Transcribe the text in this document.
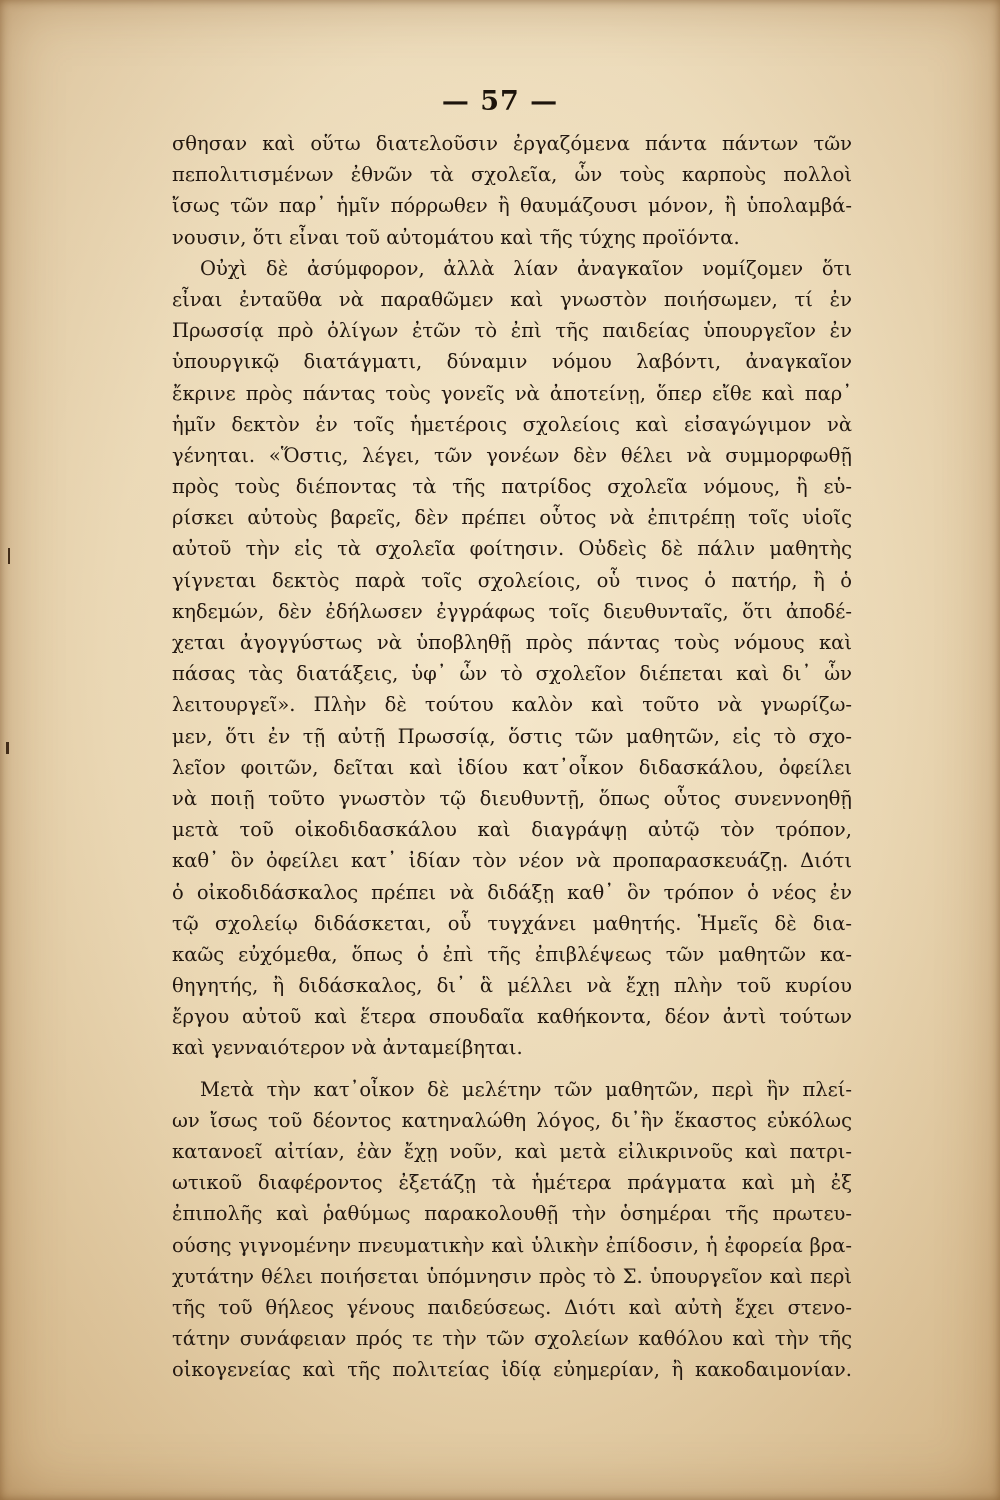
— 57 —
σθησαν καὶ οὕτω διατελοῦσιν ἐργαζόμενα πάντα πάντων τῶν
πεπολιτισμένων ἐθνῶν τὰ σχολεῖα, ὧν τοὺς καρποὺς πολλοὶ
ἴσως τῶν παρ᾽ ἡμῖν πόρρωθεν ἢ θαυμάζουσι μόνον, ἢ ὑπολαμβά-
νουσιν, ὅτι εἶναι τοῦ αὐτομάτου καὶ τῆς τύχης προϊόντα.
Οὐχὶ δὲ ἀσύμφορον, ἀλλὰ λίαν ἀναγκαῖον νομίζομεν ὅτι
εἶναι ἐνταῦθα νὰ παραθῶμεν καὶ γνωστὸν ποιήσωμεν, τί ἐν
Πρωσσίᾳ πρὸ ὀλίγων ἐτῶν τὸ ἐπὶ τῆς παιδείας ὑπουργεῖον ἐν
ὑπουργικῷ διατάγματι, δύναμιν νόμου λαβόντι, ἀναγκαῖον
ἔκρινε πρὸς πάντας τοὺς γονεῖς νὰ ἀποτείνῃ, ὅπερ εἴθε καὶ παρ᾽
ἡμῖν δεκτὸν ἐν τοῖς ἡμετέροις σχολείοις καὶ εἰσαγώγιμον νὰ
γένηται. «Ὅστις, λέγει, τῶν γονέων δὲν θέλει νὰ συμμορφωθῇ
πρὸς τοὺς διέποντας τὰ τῆς πατρίδος σχολεῖα νόμους, ἢ εὑ-
ρίσκει αὐτοὺς βαρεῖς, δὲν πρέπει οὗτος νὰ ἐπιτρέπῃ τοῖς υἱοῖς
αὐτοῦ τὴν εἰς τὰ σχολεῖα φοίτησιν. Οὐδεὶς δὲ πάλιν μαθητὴς
γίγνεται δεκτὸς παρὰ τοῖς σχολείοις, οὗ τινος ὁ πατήρ, ἢ ὁ
κηδεμών, δὲν ἐδήλωσεν ἐγγράφως τοῖς διευθυνταῖς, ὅτι ἀποδέ-
χεται ἀγογγύστως νὰ ὑποβληθῇ πρὸς πάντας τοὺς νόμους καὶ
πάσας τὰς διατάξεις, ὑφ᾽ ὧν τὸ σχολεῖον διέπεται καὶ δι᾽ ὧν
λειτουργεῖ». Πλὴν δὲ τούτου καλὸν καὶ τοῦτο νὰ γνωρίζω-
μεν, ὅτι ἐν τῇ αὐτῇ Πρωσσίᾳ, ὅστις τῶν μαθητῶν, εἰς τὸ σχο-
λεῖον φοιτῶν, δεῖται καὶ ἰδίου κατ᾽οἶκον διδασκάλου, ὀφείλει
νὰ ποιῇ τοῦτο γνωστὸν τῷ διευθυντῇ, ὅπως οὗτος συνεννοηθῇ
μετὰ τοῦ οἰκοδιδασκάλου καὶ διαγράψῃ αὐτῷ τὸν τρόπον,
καθ᾽ ὃν ὀφείλει κατ᾽ ἰδίαν τὸν νέον νὰ προπαρασκευάζῃ. Διότι
ὁ οἰκοδιδάσκαλος πρέπει νὰ διδάξῃ καθ᾽ ὃν τρόπον ὁ νέος ἐν
τῷ σχολείῳ διδάσκεται, οὗ τυγχάνει μαθητής. Ἡμεῖς δὲ δια-
καῶς εὐχόμεθα, ὅπως ὁ ἐπὶ τῆς ἐπιβλέψεως τῶν μαθητῶν κα-
θηγητής, ἢ διδάσκαλος, δι᾽ ἃ μέλλει νὰ ἔχῃ πλὴν τοῦ κυρίου
ἔργου αὐτοῦ καὶ ἕτερα σπουδαῖα καθήκοντα, δέον ἀντὶ τούτων
καὶ γενναιότερον νὰ ἀνταμείβηται.
Μετὰ τὴν κατ᾽οἶκον δὲ μελέτην τῶν μαθητῶν, περὶ ἣν πλεί-
ων ἴσως τοῦ δέοντος κατηναλώθη λόγος, δι᾽ἣν ἕκαστος εὐκόλως
κατανοεῖ αἰτίαν, ἐὰν ἔχῃ νοῦν, καὶ μετὰ εἰλικρινοῦς καὶ πατρι-
ωτικοῦ διαφέροντος ἐξετάζῃ τὰ ἡμέτερα πράγματα καὶ μὴ ἐξ
ἐπιπολῆς καὶ ῥαθύμως παρακολουθῇ τὴν ὁσημέραι τῆς πρωτευ-
ούσης γιγνομένην πνευματικὴν καὶ ὑλικὴν ἐπίδοσιν, ἡ ἐφορεία βρα-
χυτάτην θέλει ποιήσεται ὑπόμνησιν πρὸς τὸ Σ. ὑπουργεῖον καὶ περὶ
τῆς τοῦ θήλεος γένους παιδεύσεως. Διότι καὶ αὐτὴ ἔχει στενο-
τάτην συνάφειαν πρός τε τὴν τῶν σχολείων καθόλου καὶ τὴν τῆς
οἰκογενείας καὶ τῆς πολιτείας ἰδίᾳ εὐημερίαν, ἢ κακοδαιμονίαν.
